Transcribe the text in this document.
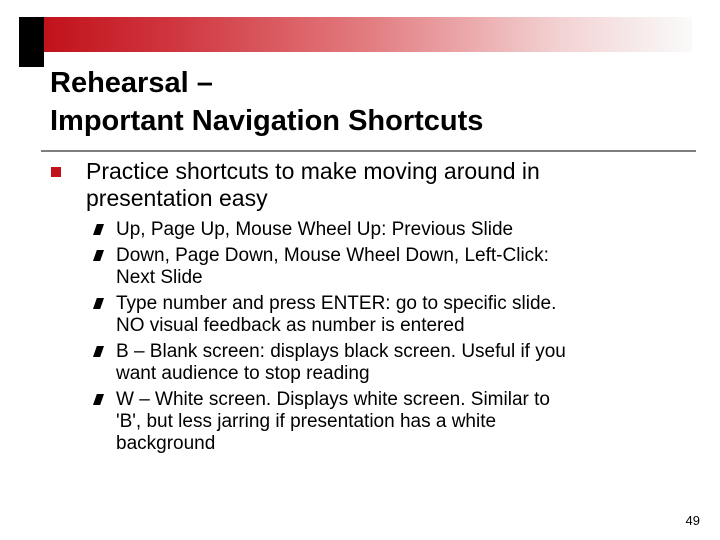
Rehearsal –
Important Navigation Shortcuts
Practice shortcuts to make moving around in
presentation easy
Up, Page Up, Mouse Wheel Up: Previous Slide
Down, Page Down, Mouse Wheel Down, Left-Click:
Next Slide
Type number and press ENTER: go to specific slide.
NO visual feedback as number is entered
B – Blank screen: displays black screen. Useful if you
want audience to stop reading
W – White screen. Displays white screen. Similar to
'B', but less jarring if presentation has a white
background
49
